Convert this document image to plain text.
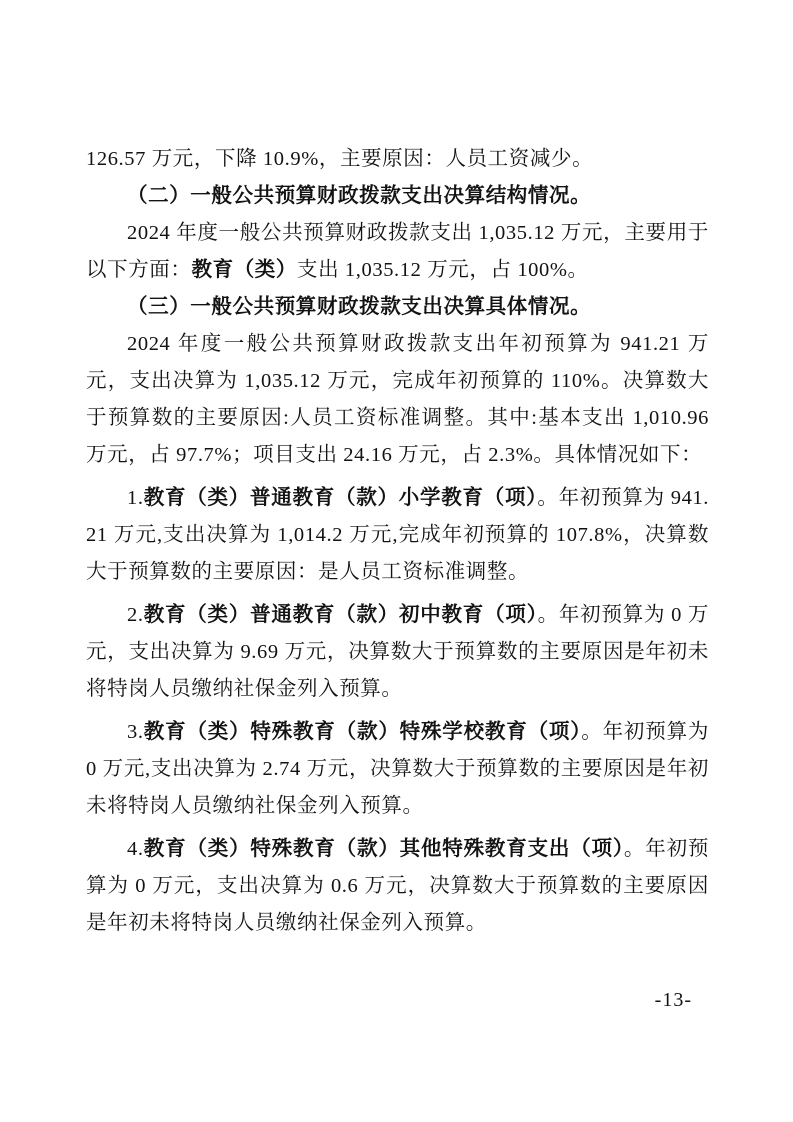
126.57 万元，下降 10.9%，主要原因：人员工资减少。

（二）一般公共预算财政拨款支出决算结构情况。

2024 年度一般公共预算财政拨款支出 1,035.12 万元，主要用于以下方面：教育（类）支出 1,035.12 万元，占 100%。

（三）一般公共预算财政拨款支出决算具体情况。

2024 年度一般公共预算财政拨款支出年初预算为 941.21 万元，支出决算为 1,035.12 万元，完成年初预算的 110%。决算数大于预算数的主要原因:人员工资标准调整。其中:基本支出 1,010.96 万元，占 97.7%；项目支出 24.16 万元，占 2.3%。具体情况如下：

1.教育（类）普通教育（款）小学教育（项）。年初预算为 941.21 万元,支出决算为 1,014.2 万元,完成年初预算的 107.8%，决算数大于预算数的主要原因：是人员工资标准调整。

2.教育（类）普通教育（款）初中教育（项）。年初预算为 0 万元，支出决算为 9.69 万元，决算数大于预算数的主要原因是年初未将特岗人员缴纳社保金列入预算。

3.教育（类）特殊教育（款）特殊学校教育（项）。年初预算为 0 万元,支出决算为 2.74 万元，决算数大于预算数的主要原因是年初未将特岗人员缴纳社保金列入预算。

4.教育（类）特殊教育（款）其他特殊教育支出（项）。年初预算为 0 万元，支出决算为 0.6 万元，决算数大于预算数的主要原因是年初未将特岗人员缴纳社保金列入预算。

-13-
